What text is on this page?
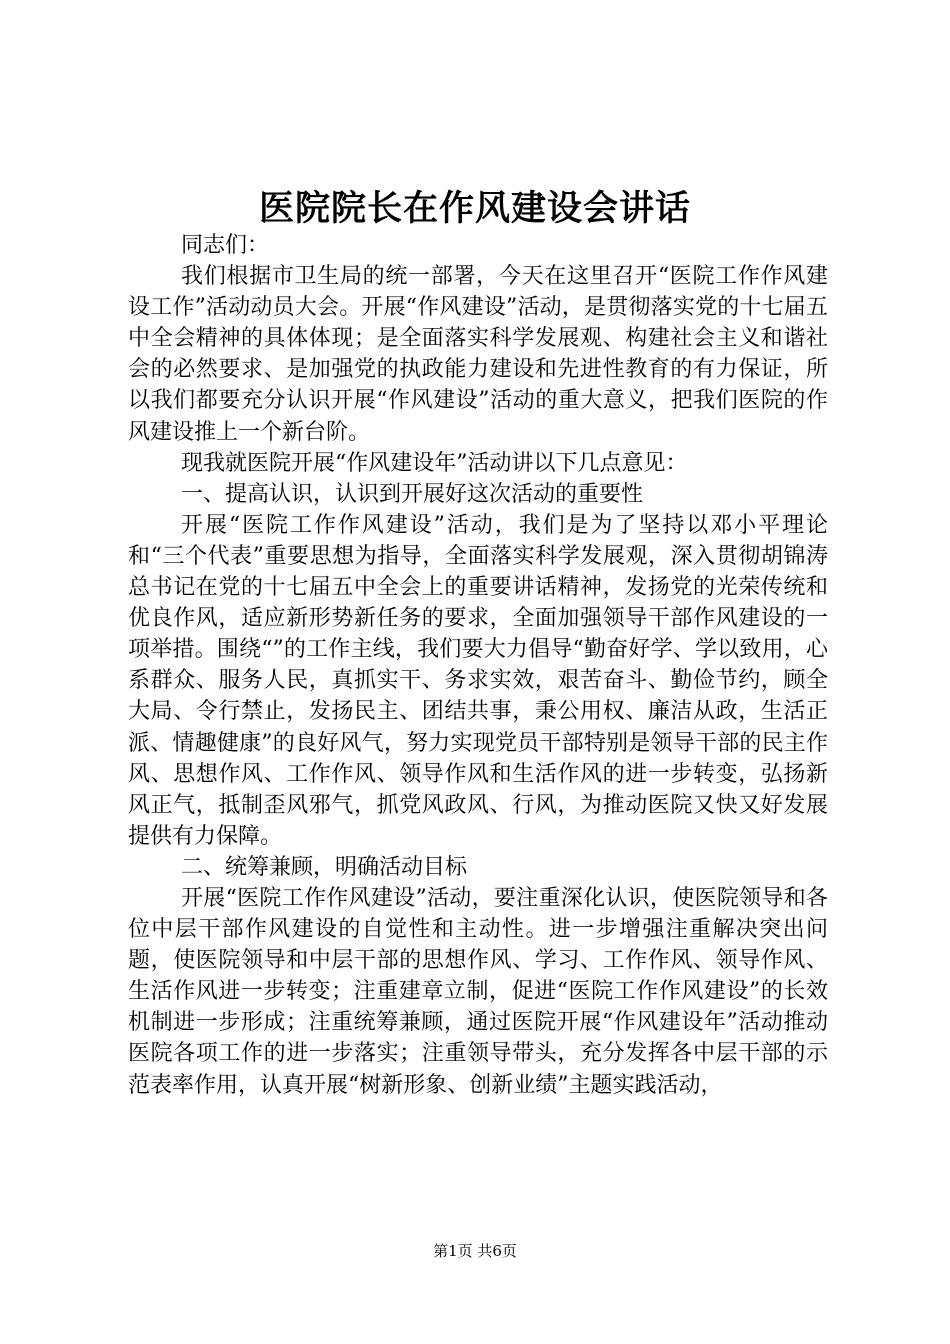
医院院长在作风建设会讲话

同志们：

我们根据市卫生局的统一部署，今天在这里召开“医院工作作风建设工作”活动动员大会。开展“作风建设”活动，是贯彻落实党的十七届五中全会精神的具体体现；是全面落实科学发展观、构建社会主义和谐社会的必然要求、是加强党的执政能力建设和先进性教育的有力保证，所以我们都要充分认识开展“作风建设”活动的重大意义，把我们医院的作风建设推上一个新台阶。

现我就医院开展“作风建设年”活动讲以下几点意见：

一、提高认识，认识到开展好这次活动的重要性

开展“医院工作作风建设”活动，我们是为了坚持以邓小平理论和“三个代表”重要思想为指导，全面落实科学发展观，深入贯彻胡锦涛总书记在党的十七届五中全会上的重要讲话精神，发扬党的光荣传统和优良作风，适应新形势新任务的要求，全面加强领导干部作风建设的一项举措。围绕“”的工作主线，我们要大力倡导“勤奋好学、学以致用，心系群众、服务人民，真抓实干、务求实效，艰苦奋斗、勤俭节约，顾全大局、令行禁止，发扬民主、团结共事，秉公用权、廉洁从政，生活正派、情趣健康”的良好风气，努力实现党员干部特别是领导干部的民主作风、思想作风、工作作风、领导作风和生活作风的进一步转变，弘扬新风正气，抵制歪风邪气，抓党风政风、行风，为推动医院又快又好发展提供有力保障。

二、统筹兼顾，明确活动目标

开展“医院工作作风建设”活动，要注重深化认识，使医院领导和各位中层干部作风建设的自觉性和主动性。进一步增强注重解决突出问题，使医院领导和中层干部的思想作风、学习、工作作风、领导作风、生活作风进一步转变；注重建章立制，促进“医院工作作风建设”的长效机制进一步形成；注重统筹兼顾，通过医院开展“作风建设年”活动推动医院各项工作的进一步落实；注重领导带头，充分发挥各中层干部的示范表率作用，认真开展“树新形象、创新业绩”主题实践活动，

第1页 共6页
